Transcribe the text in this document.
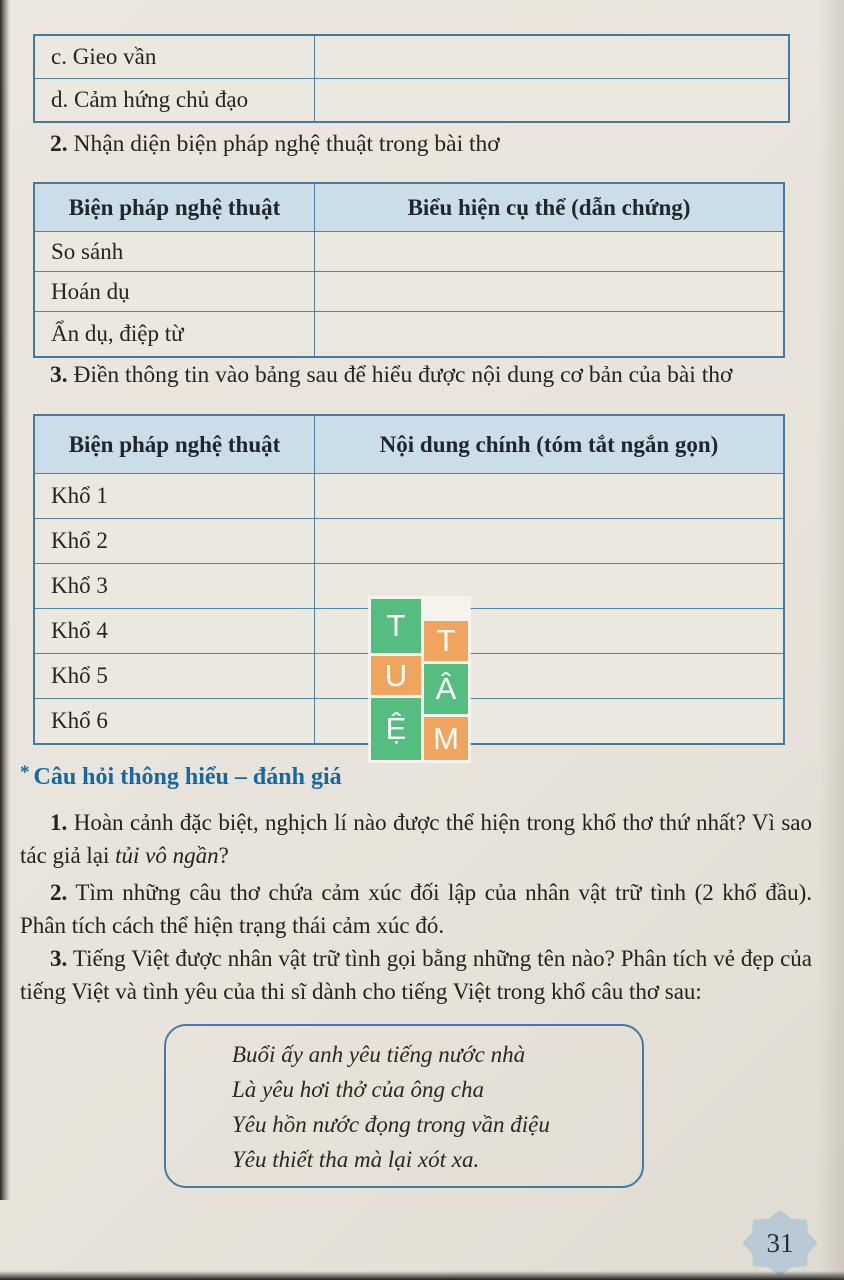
c. Gieo vần
d. Cảm hứng chủ đạo
2. Nhận diện biện pháp nghệ thuật trong bài thơ
Biện pháp nghệ thuật	Biểu hiện cụ thể (dẫn chứng)
So sánh
Hoán dụ
Ẩn dụ, điệp từ
3. Điền thông tin vào bảng sau để hiểu được nội dung cơ bản của bài thơ
Biện pháp nghệ thuật	Nội dung chính (tóm tắt ngắn gọn)
Khổ 1
Khổ 2
Khổ 3
Khổ 4
Khổ 5
Khổ 6
T
U
Ệ
T
Â
M
* Câu hỏi thông hiểu – đánh giá
1. Hoàn cảnh đặc biệt, nghịch lí nào được thể hiện trong khổ thơ thứ nhất? Vì sao tác giả lại tủi vô ngần?
2. Tìm những câu thơ chứa cảm xúc đối lập của nhân vật trữ tình (2 khổ đầu). Phân tích cách thể hiện trạng thái cảm xúc đó.
3. Tiếng Việt được nhân vật trữ tình gọi bằng những tên nào? Phân tích vẻ đẹp của tiếng Việt và tình yêu của thi sĩ dành cho tiếng Việt trong khổ câu thơ sau:
Buổi ấy anh yêu tiếng nước nhà
Là yêu hơi thở của ông cha
Yêu hồn nước đọng trong vần điệu
Yêu thiết tha mà lại xót xa.
31
